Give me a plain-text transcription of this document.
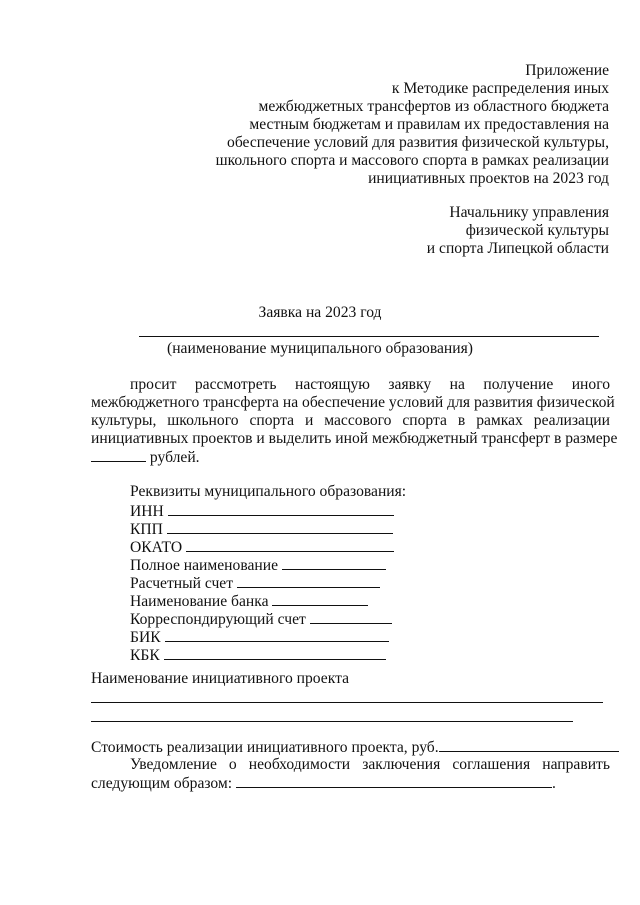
Приложение
к Методике распределения иных
межбюджетных трансфертов из областного бюджета
местным бюджетам и правилам их предоставления на
обеспечение условий для развития физической культуры,
школьного спорта и массового спорта в рамках реализации
инициативных проектов на 2023 год
Начальнику управления
физической культуры
и спорта Липецкой области
Заявка на 2023 год
(наименование муниципального образования)
просит рассмотреть настоящую заявку на получение иного
межбюджетного трансферта на обеспечение условий для развития физической
культуры, школьного спорта и массового спорта в рамках реализации
инициативных проектов и выделить иной межбюджетный трансферт в размере
рублей.
Реквизиты муниципального образования:
ИНН
КПП
ОКАТО
Полное наименование
Расчетный счет
Наименование банка
Корреспондирующий счет
БИК
КБК
Наименование инициативного проекта
Стоимость реализации инициативного проекта, руб.
Уведомление о необходимости заключения соглашения направить
следующим образом:	.
